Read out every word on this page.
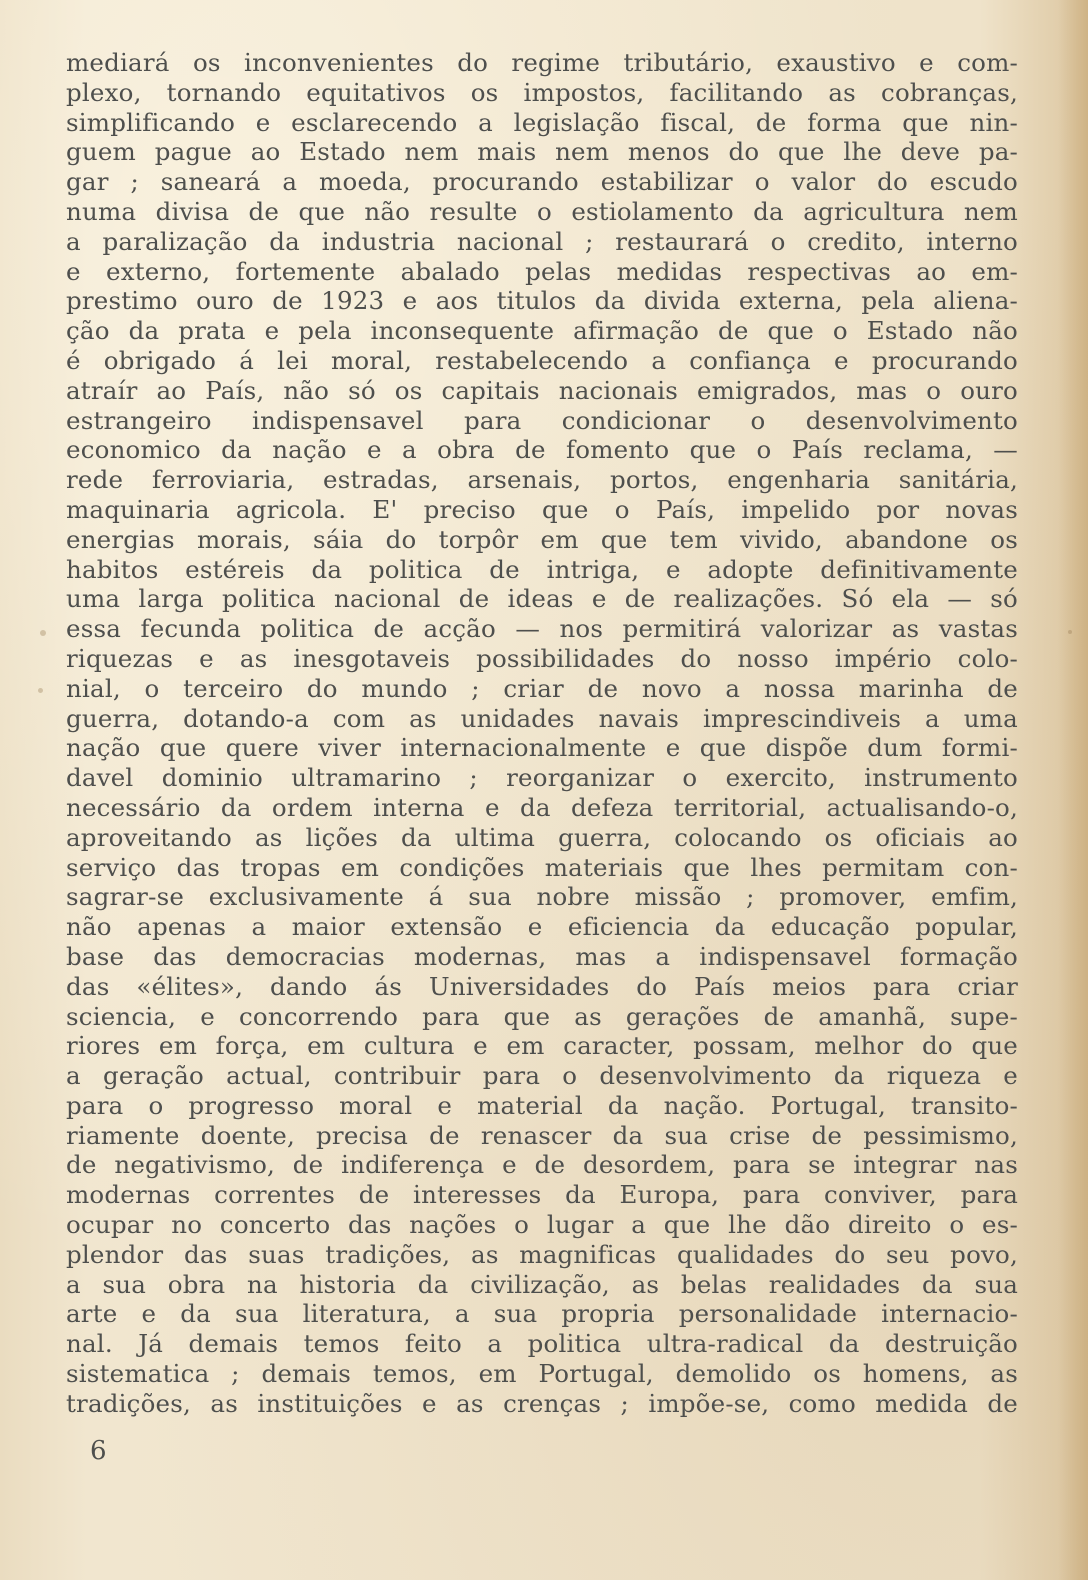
mediará os inconvenientes do regime tributário, exaustivo e com-
plexo, tornando equitativos os impostos, facilitando as cobranças,
simplificando e esclarecendo a legislação fiscal, de forma que nin-
guem pague ao Estado nem mais nem menos do que lhe deve pa-
gar ; saneará a moeda, procurando estabilizar o valor do escudo
numa divisa de que não resulte o estiolamento da agricultura nem
a paralização da industria nacional ; restaurará o credito, interno
e externo, fortemente abalado pelas medidas respectivas ao em-
prestimo ouro de 1923 e aos titulos da divida externa, pela aliena-
ção da prata e pela inconsequente afirmação de que o Estado não
é obrigado á lei moral, restabelecendo a confiança e procurando
atraír ao País, não só os capitais nacionais emigrados, mas o ouro
estrangeiro indispensavel para condicionar o desenvolvimento
economico da nação e a obra de fomento que o País reclama, —
rede ferroviaria, estradas, arsenais, portos, engenharia sanitária,
maquinaria agricola. E' preciso que o País, impelido por novas
energias morais, sáia do torpôr em que tem vivido, abandone os
habitos estéreis da politica de intriga, e adopte definitivamente
uma larga politica nacional de ideas e de realizações. Só ela — só
essa fecunda politica de acção — nos permitirá valorizar as vastas
riquezas e as inesgotaveis possibilidades do nosso império colo-
nial, o terceiro do mundo ; criar de novo a nossa marinha de
guerra, dotando-a com as unidades navais imprescindiveis a uma
nação que quere viver internacionalmente e que dispõe dum formi-
davel dominio ultramarino ; reorganizar o exercito, instrumento
necessário da ordem interna e da defeza territorial, actualisando-o,
aproveitando as lições da ultima guerra, colocando os oficiais ao
serviço das tropas em condições materiais que lhes permitam con-
sagrar-se exclusivamente á sua nobre missão ; promover, emfim,
não apenas a maior extensão e eficiencia da educação popular,
base das democracias modernas, mas a indispensavel formação
das «élites», dando ás Universidades do País meios para criar
sciencia, e concorrendo para que as gerações de amanhã, supe-
riores em força, em cultura e em caracter, possam, melhor do que
a geração actual, contribuir para o desenvolvimento da riqueza e
para o progresso moral e material da nação. Portugal, transito-
riamente doente, precisa de renascer da sua crise de pessimismo,
de negativismo, de indiferença e de desordem, para se integrar nas
modernas correntes de interesses da Europa, para conviver, para
ocupar no concerto das nações o lugar a que lhe dão direito o es-
plendor das suas tradições, as magnificas qualidades do seu povo,
a sua obra na historia da civilização, as belas realidades da sua
arte e da sua literatura, a sua propria personalidade internacio-
nal. Já demais temos feito a politica ultra-radical da destruição
sistematica ; demais temos, em Portugal, demolido os homens, as
tradições, as instituições e as crenças ; impõe-se, como medida de
6
